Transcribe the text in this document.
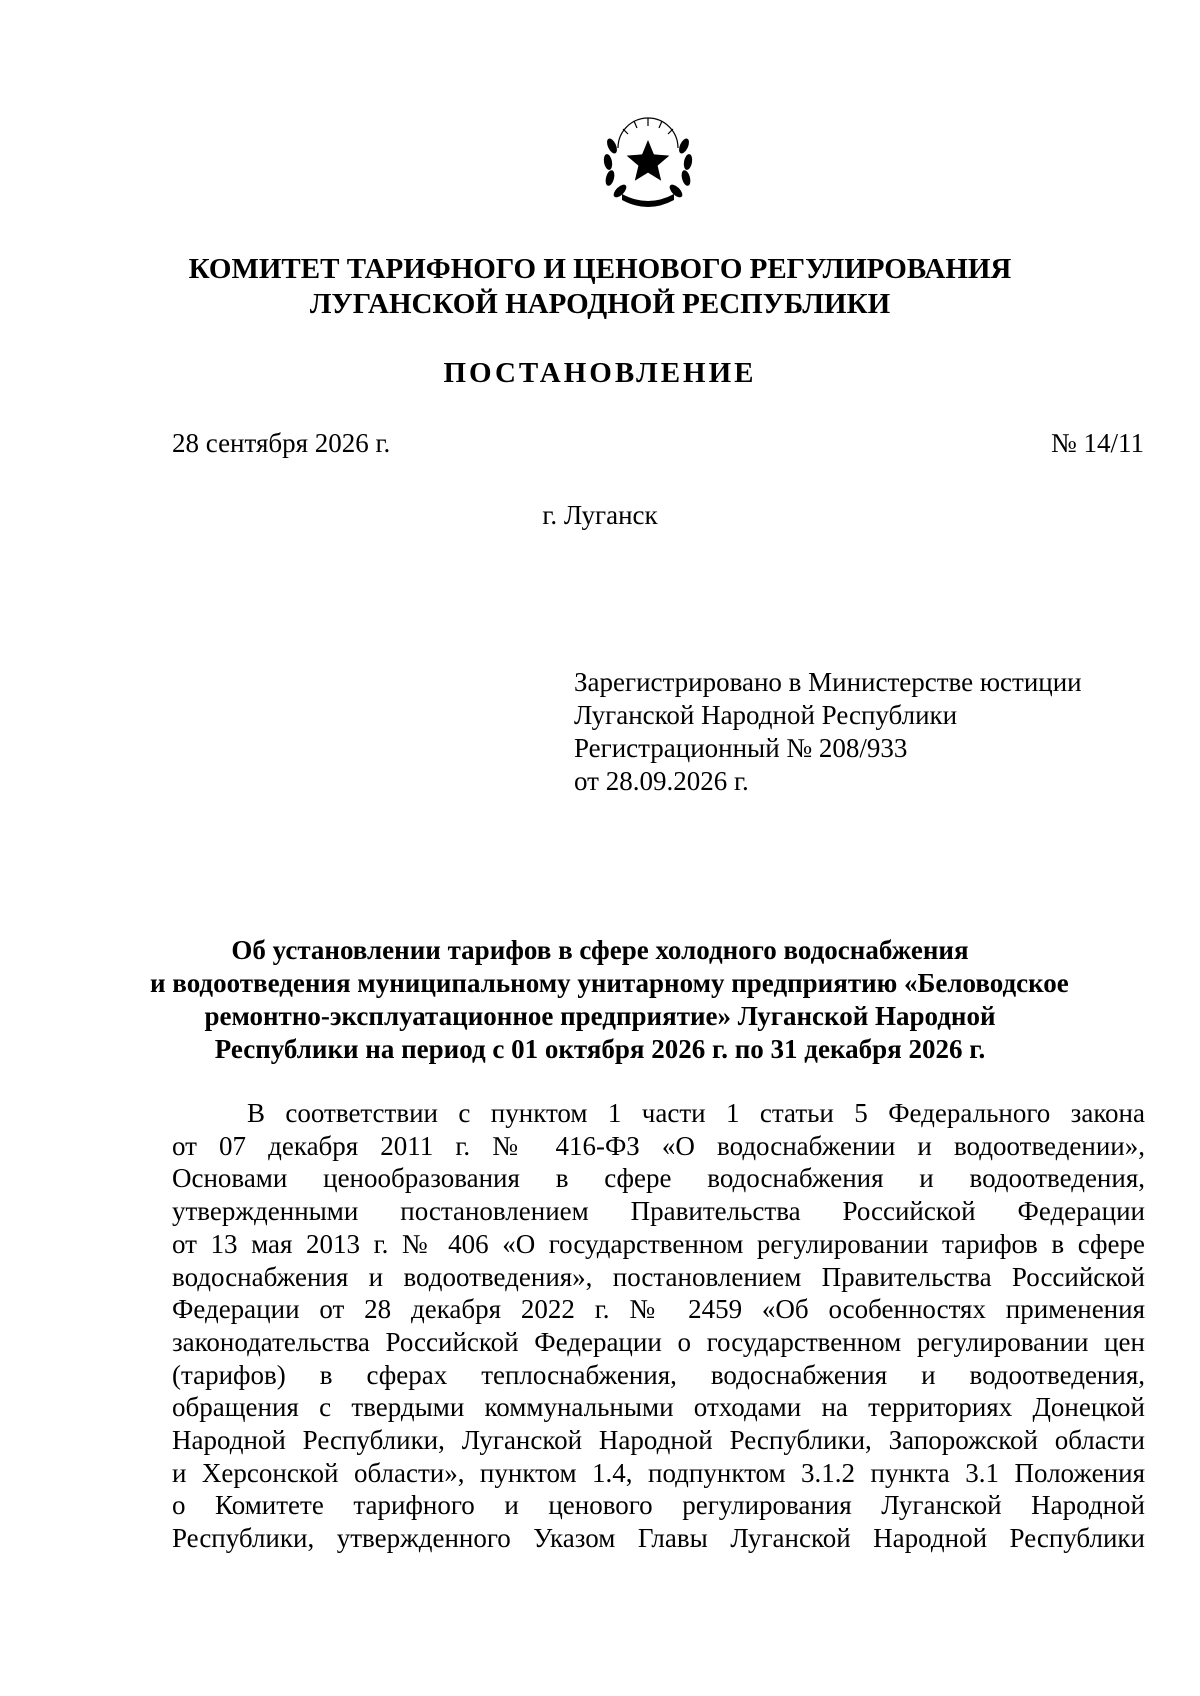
КОМИТЕТ ТАРИФНОГО И ЦЕНОВОГО РЕГУЛИРОВАНИЯ
ЛУГАНСКОЙ НАРОДНОЙ РЕСПУБЛИКИ
ПОСТАНОВЛЕНИЕ
28 сентября 2026 г.	№ 14/11
г. Луганск
Зарегистрировано в Министерстве юстиции
Луганской Народной Республики
Регистрационный № 208/933
от 28.09.2026 г.
Об установлении тарифов в сфере холодного водоснабжения
и водоотведения муниципальному унитарному предприятию «Беловодское
ремонтно-эксплуатационное предприятие» Луганской Народной
Республики на период с 01 октября 2026 г. по 31 декабря 2026 г.
В соответствии с пунктом 1 части 1 статьи 5 Федерального закона
от 07 декабря 2011 г. № 416-ФЗ «О водоснабжении и водоотведении»,
Основами ценообразования в сфере водоснабжения и водоотведения,
утвержденными постановлением Правительства Российской Федерации
от 13 мая 2013 г. № 406 «О государственном регулировании тарифов в сфере
водоснабжения и водоотведения», постановлением Правительства Российской
Федерации от 28 декабря 2022 г. № 2459 «Об особенностях применения
законодательства Российской Федерации о государственном регулировании цен
(тарифов) в сферах теплоснабжения, водоснабжения и водоотведения,
обращения с твердыми коммунальными отходами на территориях Донецкой
Народной Республики, Луганской Народной Республики, Запорожской области
и Херсонской области», пунктом 1.4, подпунктом 3.1.2 пункта 3.1 Положения
о Комитете тарифного и ценового регулирования Луганской Народной
Республики, утвержденного Указом Главы Луганской Народной Республики
